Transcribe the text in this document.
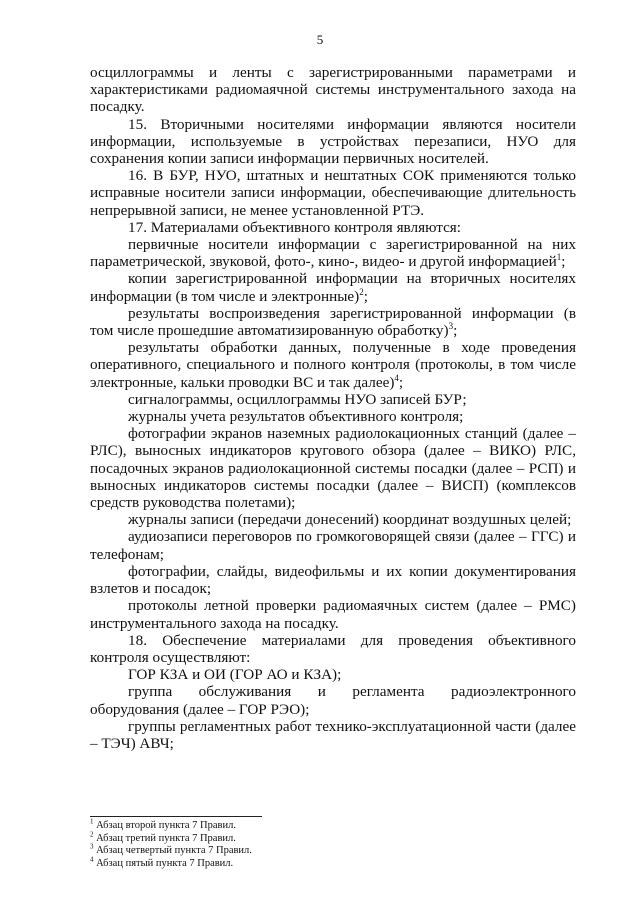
5

осциллограммы и ленты с зарегистрированными параметрами и характеристиками радиомаячной системы инструментального захода на посадку.

15. Вторичными носителями информации являются носители информации, используемые в устройствах перезаписи, НУО для сохранения копии записи информации первичных носителей.

16. В БУР, НУО, штатных и нештатных СОК применяются только исправные носители записи информации, обеспечивающие длительность непрерывной записи, не менее установленной РТЭ.

17. Материалами объективного контроля являются:

первичные носители информации с зарегистрированной на них параметрической, звуковой, фото-, кино-, видео- и другой информацией$^1$;

копии зарегистрированной информации на вторичных носителях информации (в том числе и электронные)$^2$;

результаты воспроизведения зарегистрированной информации (в том числе прошедшие автоматизированную обработку)$^3$;

результаты обработки данных, полученные в ходе проведения оперативного, специального и полного контроля (протоколы, в том числе электронные, кальки проводки ВС и так далее)$^4$;

сигналограммы, осциллограммы НУО записей БУР;

журналы учета результатов объективного контроля;

фотографии экранов наземных радиолокационных станций (далее – РЛС), выносных индикаторов кругового обзора (далее – ВИКО) РЛС, посадочных экранов радиолокационной системы посадки (далее – РСП) и выносных индикаторов системы посадки (далее – ВИСП) (комплексов средств руководства полетами);

журналы записи (передачи донесений) координат воздушных целей;

аудиозаписи переговоров по громкоговорящей связи (далее – ГГС) и телефонам;

фотографии, слайды, видеофильмы и их копии документирования взлетов и посадок;

протоколы летной проверки радиомаячных систем (далее – РМС) инструментального захода на посадку.

18. Обеспечение материалами для проведения объективного контроля осуществляют:

ГОР КЗА и ОИ (ГОР АО и КЗА);

группа обслуживания и регламента радиоэлектронного оборудования (далее – ГОР РЭО);

группы регламентных работ технико-эксплуатационной части (далее – ТЭЧ) АВЧ;

$^1$ Абзац второй пункта 7 Правил.

$^2$ Абзац третий пункта 7 Правил.

$^3$ Абзац четвертый пункта 7 Правил.

$^4$ Абзац пятый пункта 7 Правил.
